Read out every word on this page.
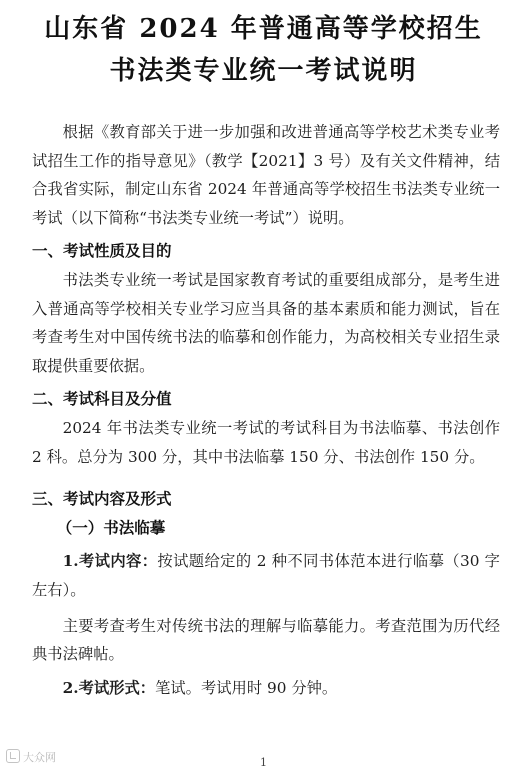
山东省 2024 年普通高等学校招生
书法类专业统一考试说明

根据《教育部关于进一步加强和改进普通高等学校艺术类专业考试招生工作的指导意见》（教学【2021】3 号）及有关文件精神，结合我省实际，制定山东省 2024 年普通高等学校招生书法类专业统一考试（以下简称“书法类专业统一考试”）说明。

一、考试性质及目的

书法类专业统一考试是国家教育考试的重要组成部分，是考生进入普通高等学校相关专业学习应当具备的基本素质和能力测试，旨在考查考生对中国传统书法的临摹和创作能力，为高校相关专业招生录取提供重要依据。

二、考试科目及分值

2024 年书法类专业统一考试的考试科目为书法临摹、书法创作 2 科。总分为 300 分，其中书法临摹 150 分、书法创作 150 分。

三、考试内容及形式
（一）书法临摹

1.考试内容：按试题给定的 2 种不同书体范本进行临摹（30 字左右）。

主要考查考生对传统书法的理解与临摹能力。考查范围为历代经典书法碑帖。

2.考试形式：笔试。考试用时 90 分钟。

大众网	1
